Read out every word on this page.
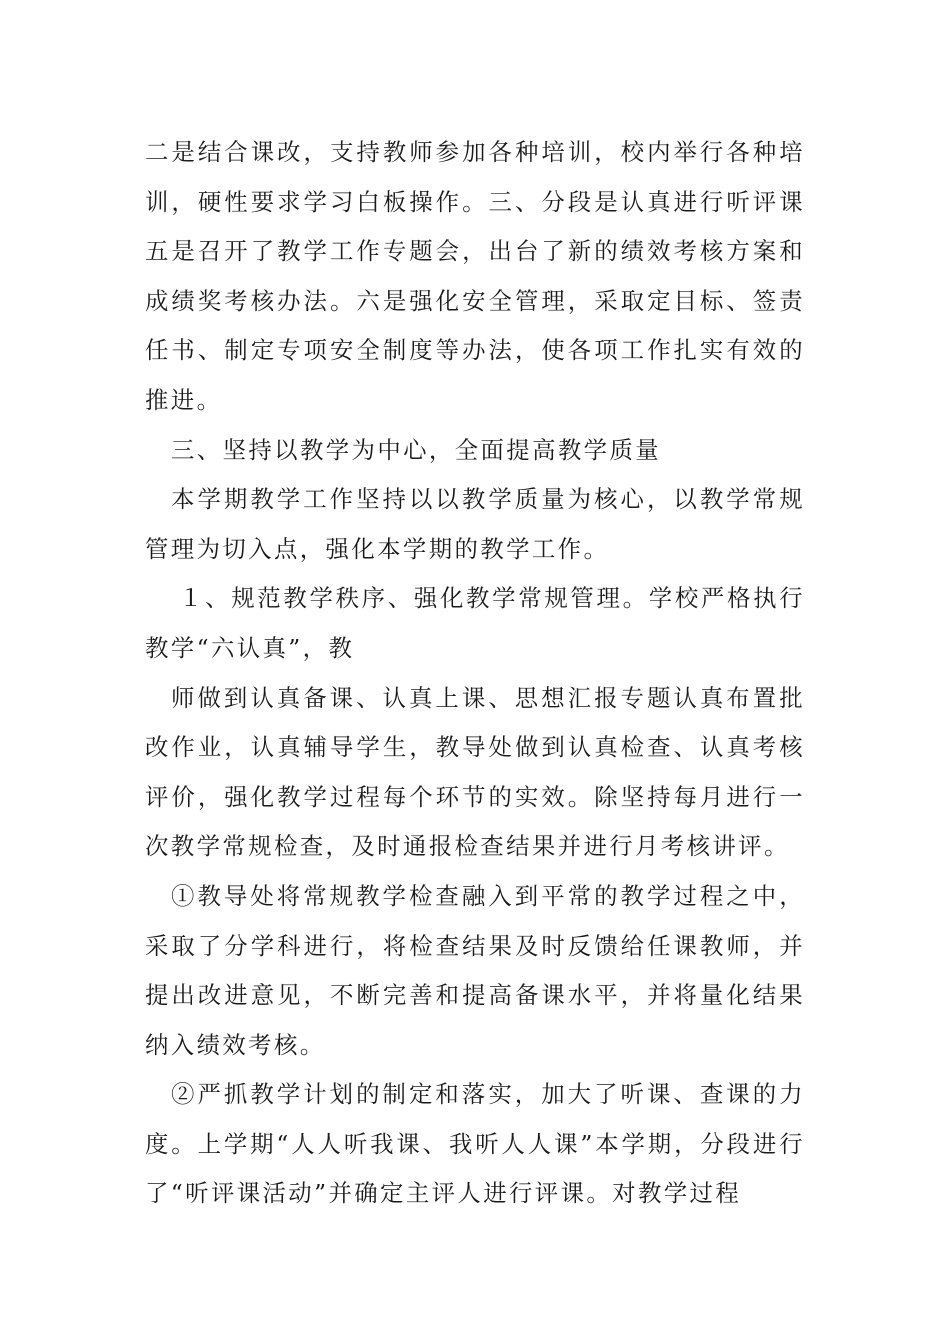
二是结合课改，支持教师参加各种培训，校内举行各种培训，硬性要求学习白板操作。三、分段是认真进行听评课五是召开了教学工作专题会，出台了新的绩效考核方案和成绩奖考核办法。六是强化安全管理，采取定目标、签责任书、制定专项安全制度等办法，使各项工作扎实有效的推进。

三、坚持以教学为中心，全面提高教学质量

本学期教学工作坚持以以教学质量为核心，以教学常规管理为切入点，强化本学期的教学工作。

１、规范教学秩序、强化教学常规管理。学校严格执行教学“六认真”，教

师做到认真备课、认真上课、思想汇报专题认真布置批改作业，认真辅导学生，教导处做到认真检查、认真考核评价，强化教学过程每个环节的实效。除坚持每月进行一次教学常规检查，及时通报检查结果并进行月考核讲评。

①教导处将常规教学检查融入到平常的教学过程之中，采取了分学科进行，将检查结果及时反馈给任课教师，并提出改进意见，不断完善和提高备课水平，并将量化结果纳入绩效考核。

②严抓教学计划的制定和落实，加大了听课、查课的力度。上学期“人人听我课、我听人人课”本学期，分段进行了“听评课活动”并确定主评人进行评课。对教学过程
